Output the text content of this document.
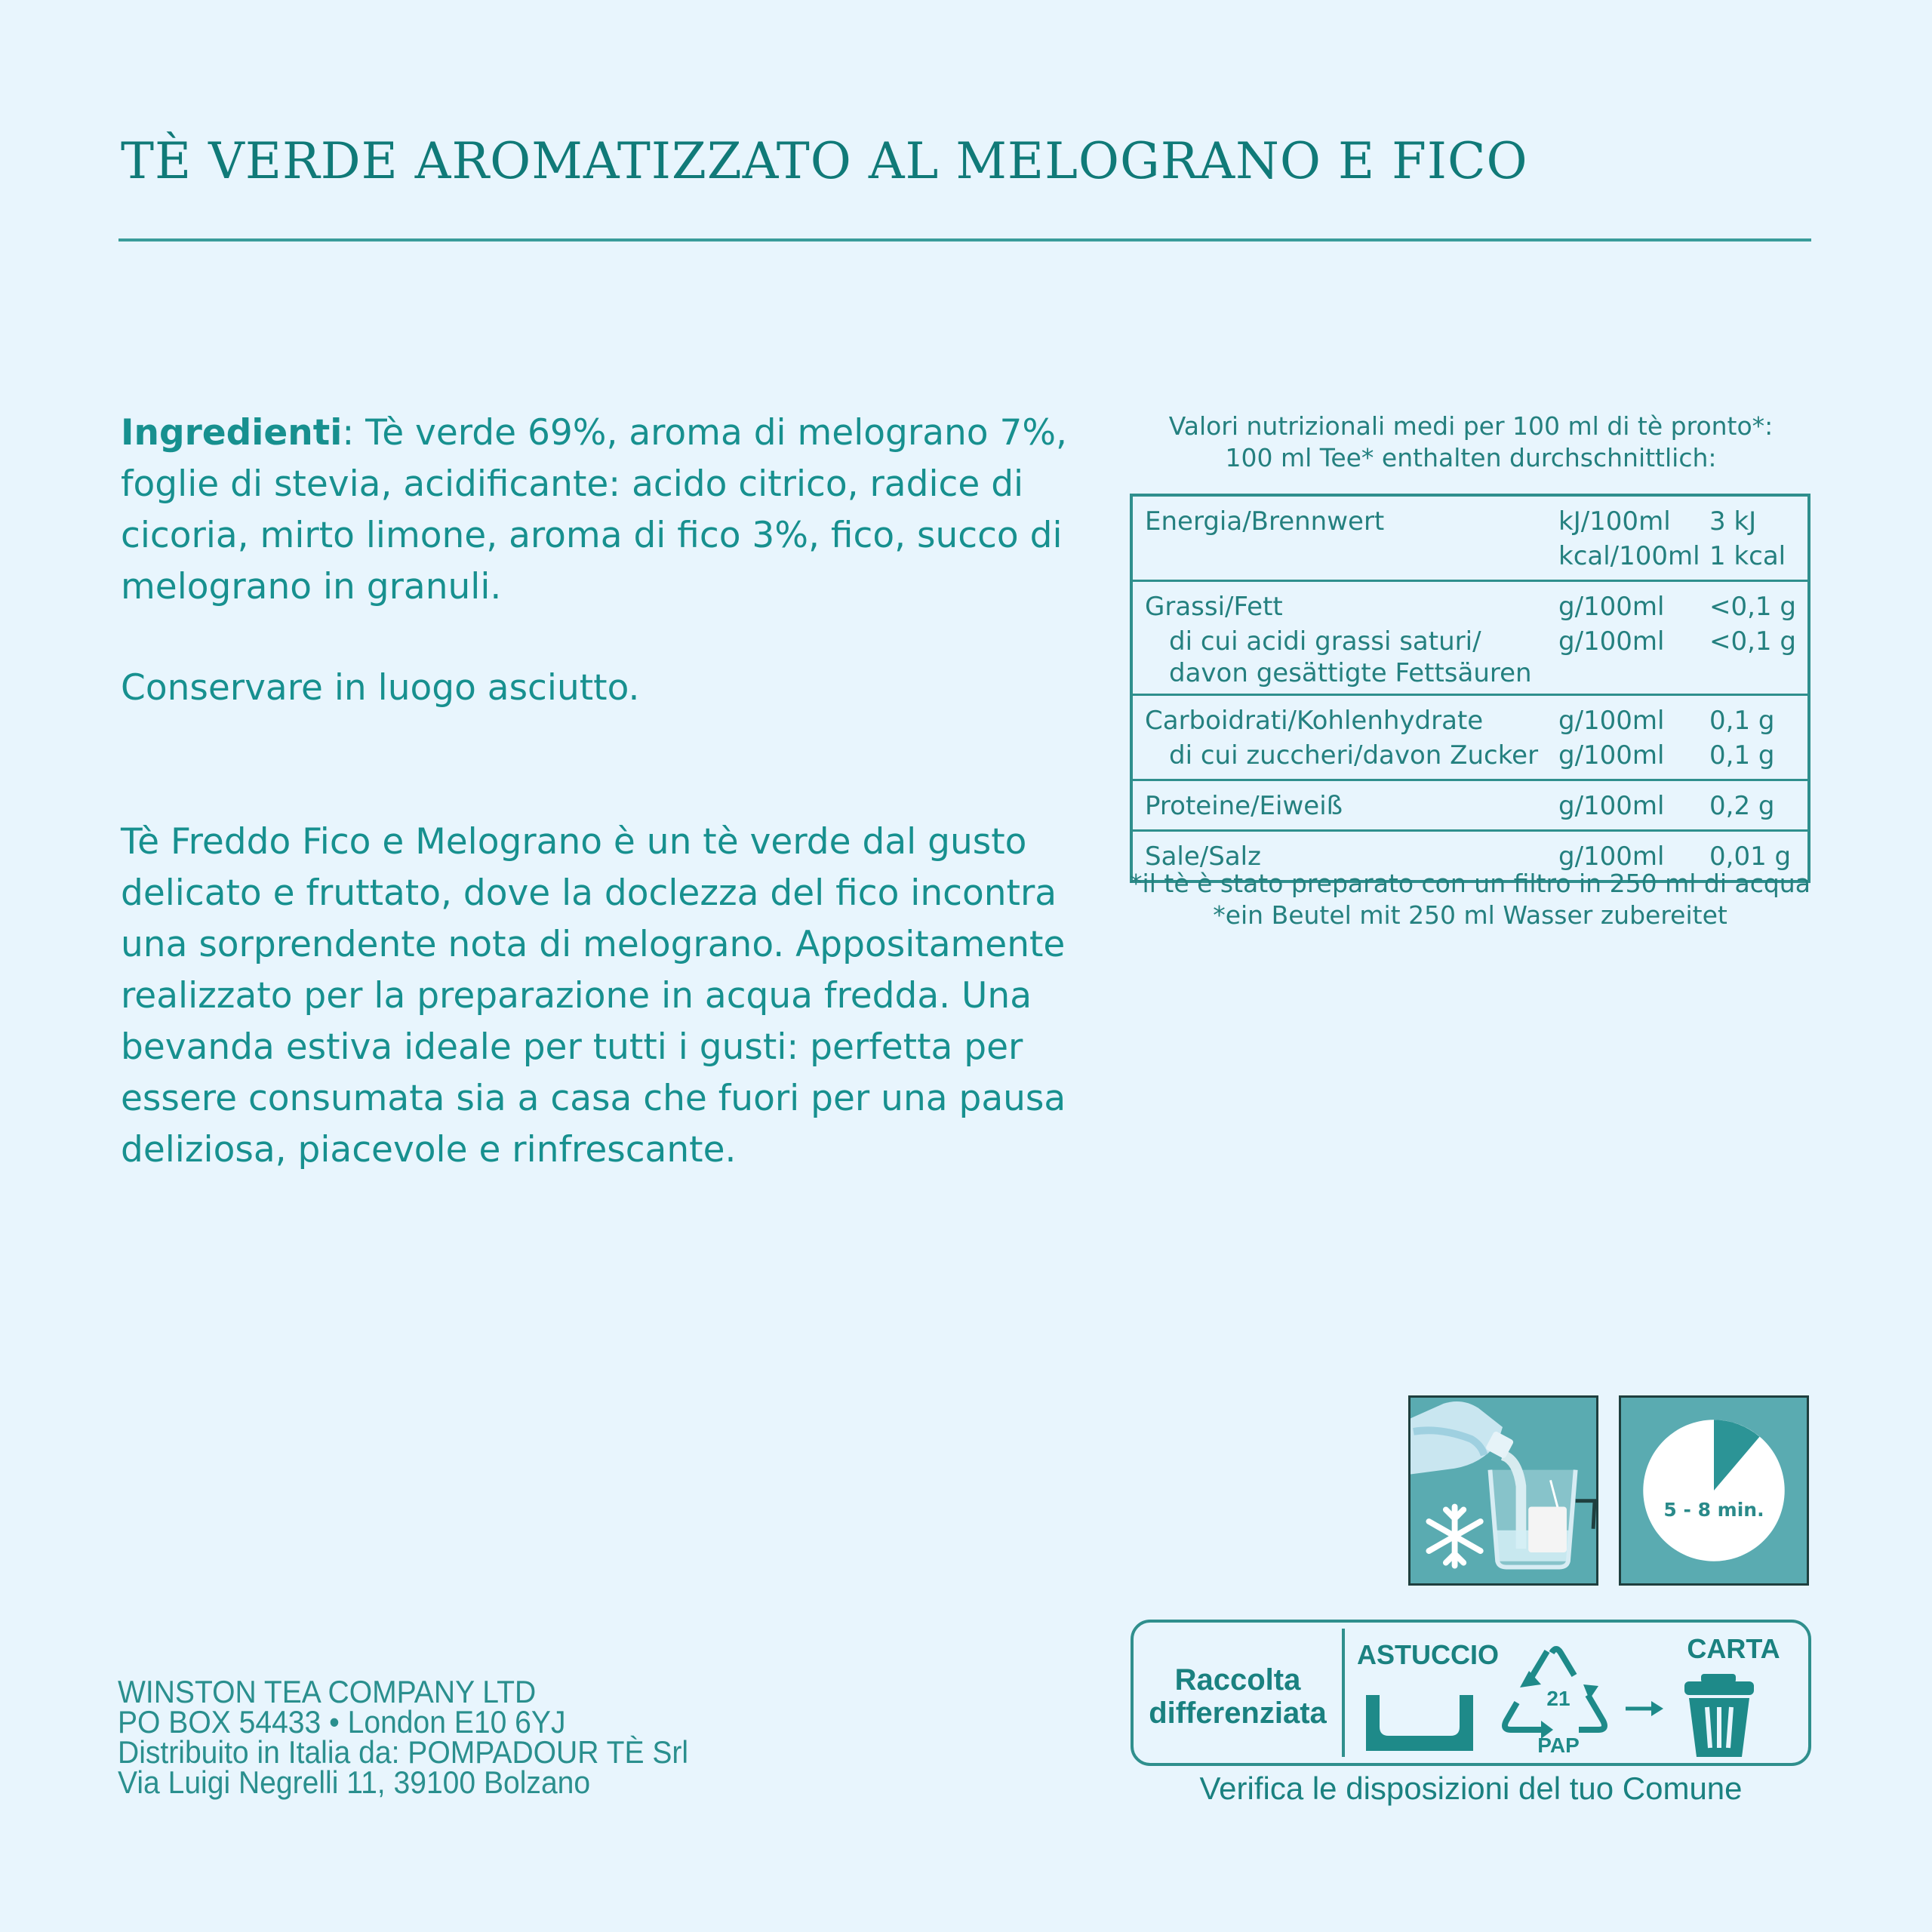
TÈ VERDE AROMATIZZATO AL MELOGRANO E FICO

Ingredienti: Tè verde 69%, aroma di melograno 7%, foglie di stevia, acidificante: acido citrico, radice di cicoria, mirto limone, aroma di fico 3%, fico, succo di melograno in granuli.

Conservare in luogo asciutto.

Tè Freddo Fico e Melograno è un tè verde dal gusto delicato e fruttato, dove la doclezza del fico incontra una sorprendente nota di melograno. Appositamente realizzato per la preparazione in acqua fredda. Una bevanda estiva ideale per tutti i gusti: perfetta per essere consumata sia a casa che fuori per una pausa deliziosa, piacevole e rinfrescante.

Valori nutrizionali medi per 100 ml di tè pronto*:
100 ml Tee* enthalten durchschnittlich:
Energia/Brennwert	kJ/100ml	3 kJ
	kcal/100ml	1 kcal
Grassi/Fett	g/100ml	<0,1 g

di cui acidi grassi saturi/
davon gesättigte Fettsäuren	g/100ml	<0,1 g
Carboidrati/Kohlenhydrate	g/100ml	0,1 g
di cui zuccheri/davon Zucker	g/100ml	0,1 g
Proteine/Eiweiß	g/100ml	0,2 g
Sale/Salz	g/100ml	0,01 g
*il tè è stato preparato con un filtro in 250 ml di acqua
*ein Beutel mit 250 ml Wasser zubereitet
5 - 8 min.
Raccolta
differenziata
ASTUCCIO
21
PAP
CARTA
Verifica le disposizioni del tuo Comune
WINSTON TEA COMPANY LTD
PO BOX 54433 • London E10 6YJ
Distribuito in Italia da: POMPADOUR TÈ Srl
Via Luigi Negrelli 11, 39100 Bolzano
